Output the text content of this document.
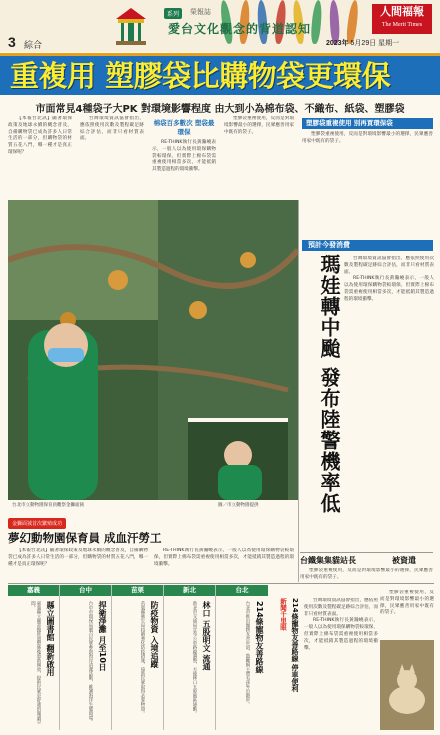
系列	榮報誌
愛台文化觀念的背道認知
3 綜合
人間福報
The Merit Times
2023年 5月29日 星期一
重複用 塑膠袋比購物袋更環保
市面常見4種袋子大PK 對環境影響程度 由大到小為棉布袋、不織布、紙袋、塑膠袋

【本報台北訊】隨著環保政策及地球永續的概念普及，自備購物袋已成為許多人日常生活的一部分，但購物袋的材質五花八門，哪一種才是真正環保呢？

台灣環境資訊協會指出，應依照使用次數及製程碳足跡綜合評估，而非只看材質表面。

棉袋百多數次 塑袋最環保

RE-THINK執行長黃瀚嶢表示，一般人以為使用環保購物袋較環保，但實際上棉布袋需重複使用相當多次，才能抵銷其製造過程的環境衝擊。

塑膠袋重複使用，反而是對環境影響最小的選擇，民眾應善用家中既有的袋子。

塑膠袋重複使用 別再買環保袋

塑膠袋重複使用，反而是對環境影響最小的選擇，民眾應善用家中既有的袋子。

台北市立動物園保育員觀察金獅面狨	圖／市立動物園提供
金獅面狨首次繁殖成功
夢幻動物園保育員 成血汗勞工

【本報台北訊】隨著環保政策及地球永續的概念普及，自備購物袋已成為許多人日常生活的一部分，但購物袋的材質五花八門，哪一種才是真正環保呢？

RE-THINK執行長黃瀚嶢表示，一般人以為使用環保購物袋較環保，但實際上棉布袋需重複使用相當多次，才能抵銷其製造過程的環境衝擊。

預計今發消費
瑪娃轉中颱 發布陸警機率低	台灣環境資訊協會指出，應依照使用次數及製程碳足跡綜合評估，而非只看材質表面。

RE-THINK執行長黃瀚嶢表示，一般人以為使用環保購物袋較環保，但實際上棉布袋需重複使用相當多次，才能抵銷其製造過程的環境衝擊。

台鐵集集貓站長	被資遣

塑膠袋重複使用，反而是對環境影響最小的選擇，民眾應善用家中既有的袋子。

嘉義
縣立圖書館 翻新啟用
嘉義縣立圖書館經過整修後重新開放，提供民眾更舒適的閱讀空間。
台中
捍衛淨灘 月至10日
台中市環保局號召民眾參與海岸清潔活動，維護海洋生態環境。
苗栗
防疫物資 入境追蹤
苗栗縣衛生局持續強化防疫措施，協助民眾取得必要物資。
新北
林口 五股明文 流通
新北市交通局宣布公車路線調整，方便林口五股地區通勤。
台北
214條寵物友善路線
台北市推出寵物友善步道，鼓勵飼主帶毛孩外出散步。	新聞千里眼 214條寵物友善路線 停車便利	台灣環境資訊協會指出，應依照使用次數及製程碳足跡綜合評估，而非只看材質表面。

RE-THINK執行長黃瀚嶢表示，一般人以為使用環保購物袋較環保，但實際上棉布袋需重複使用相當多次，才能抵銷其製造過程的環境衝擊。

塑膠袋重複使用，反而是對環境影響最小的選擇，民眾應善用家中既有的袋子。
